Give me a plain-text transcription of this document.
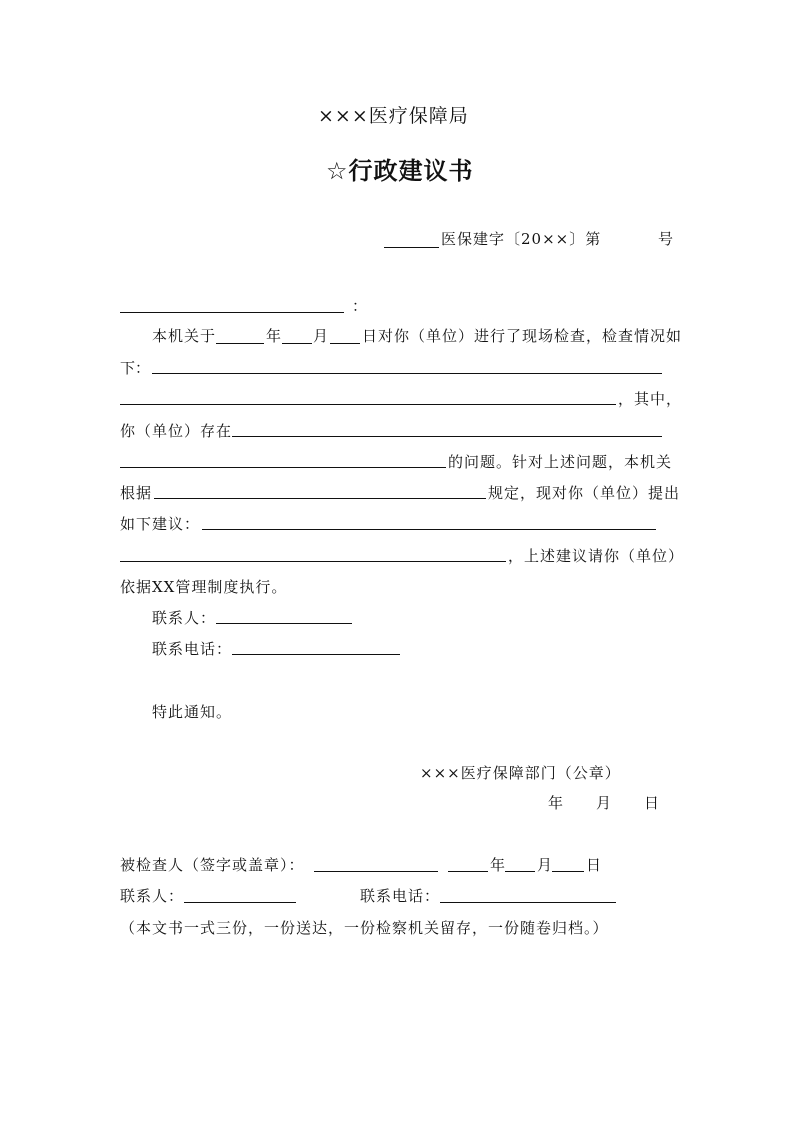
×××医疗保障局
☆行政建议书
医保建字〔20××〕第	号
：
本机关于	年 月 日对你（单位）进行了现场检查，检查情况如
下：
，其中，
你（单位）存在
的问题。针对上述问题，本机关
根据	规定，现对你（单位）提出
如下建议：
，上述建议请你（单位）
依据XX管理制度执行。
联系人：
联系电话：
特此通知。
×××医疗保障部门（公章）
年 月 日
被检查人（签字或盖章）：	年 月 日
联系人：	联系电话：
（本文书一式三份，一份送达，一份检察机关留存，一份随卷归档。）
